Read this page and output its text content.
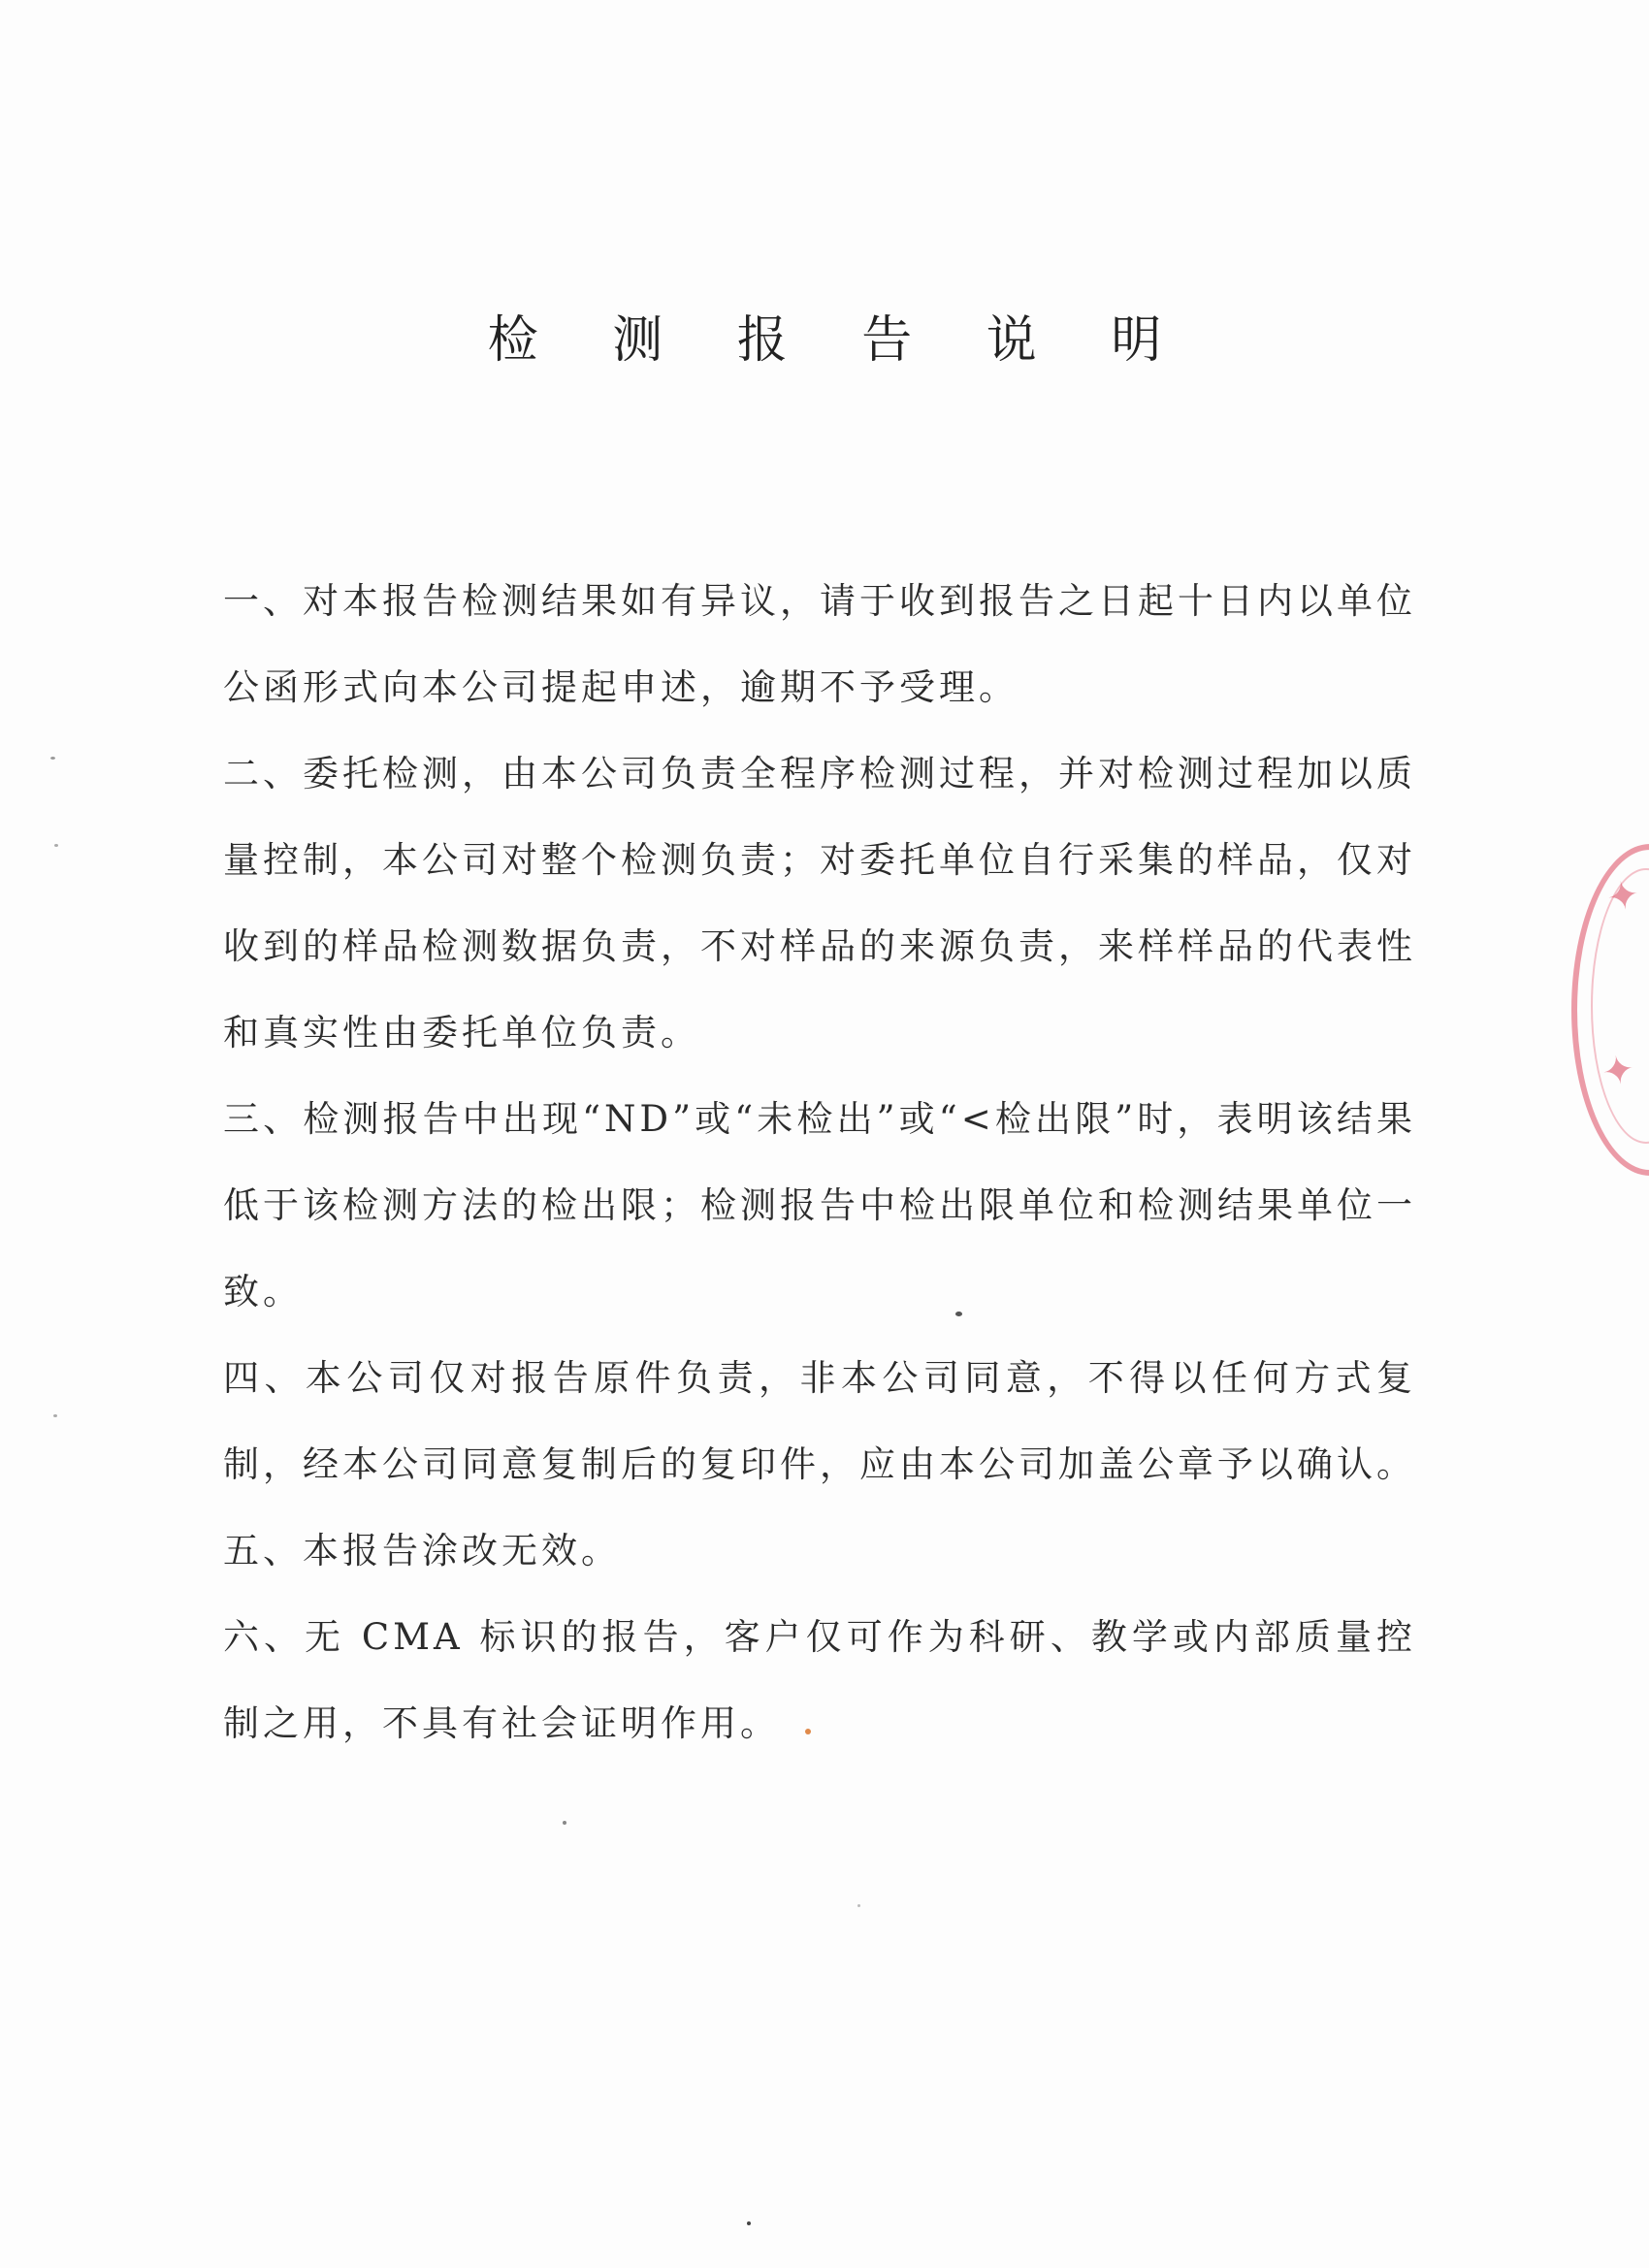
检 测 报 告 说 明

一、对本报告检测结果如有异议，请于收到报告之日起十日内以单位公函形式向本公司提起申述，逾期不予受理。

二、委托检测，由本公司负责全程序检测过程，并对检测过程加以质量控制，本公司对整个检测负责；对委托单位自行采集的样品，仅对收到的样品检测数据负责，不对样品的来源负责，来样样品的代表性和真实性由委托单位负责。

三、检测报告中出现“ND”或“未检出”或“<检出限”时，表明该结果低于该检测方法的检出限；检测报告中检出限单位和检测结果单位一致。

四、本公司仅对报告原件负责，非本公司同意，不得以任何方式复制，经本公司同意复制后的复印件，应由本公司加盖公章予以确认。

五、本报告涂改无效。

六、无 CMA 标识的报告，客户仅可作为科研、教学或内部质量控制之用，不具有社会证明作用。

✦
✦
